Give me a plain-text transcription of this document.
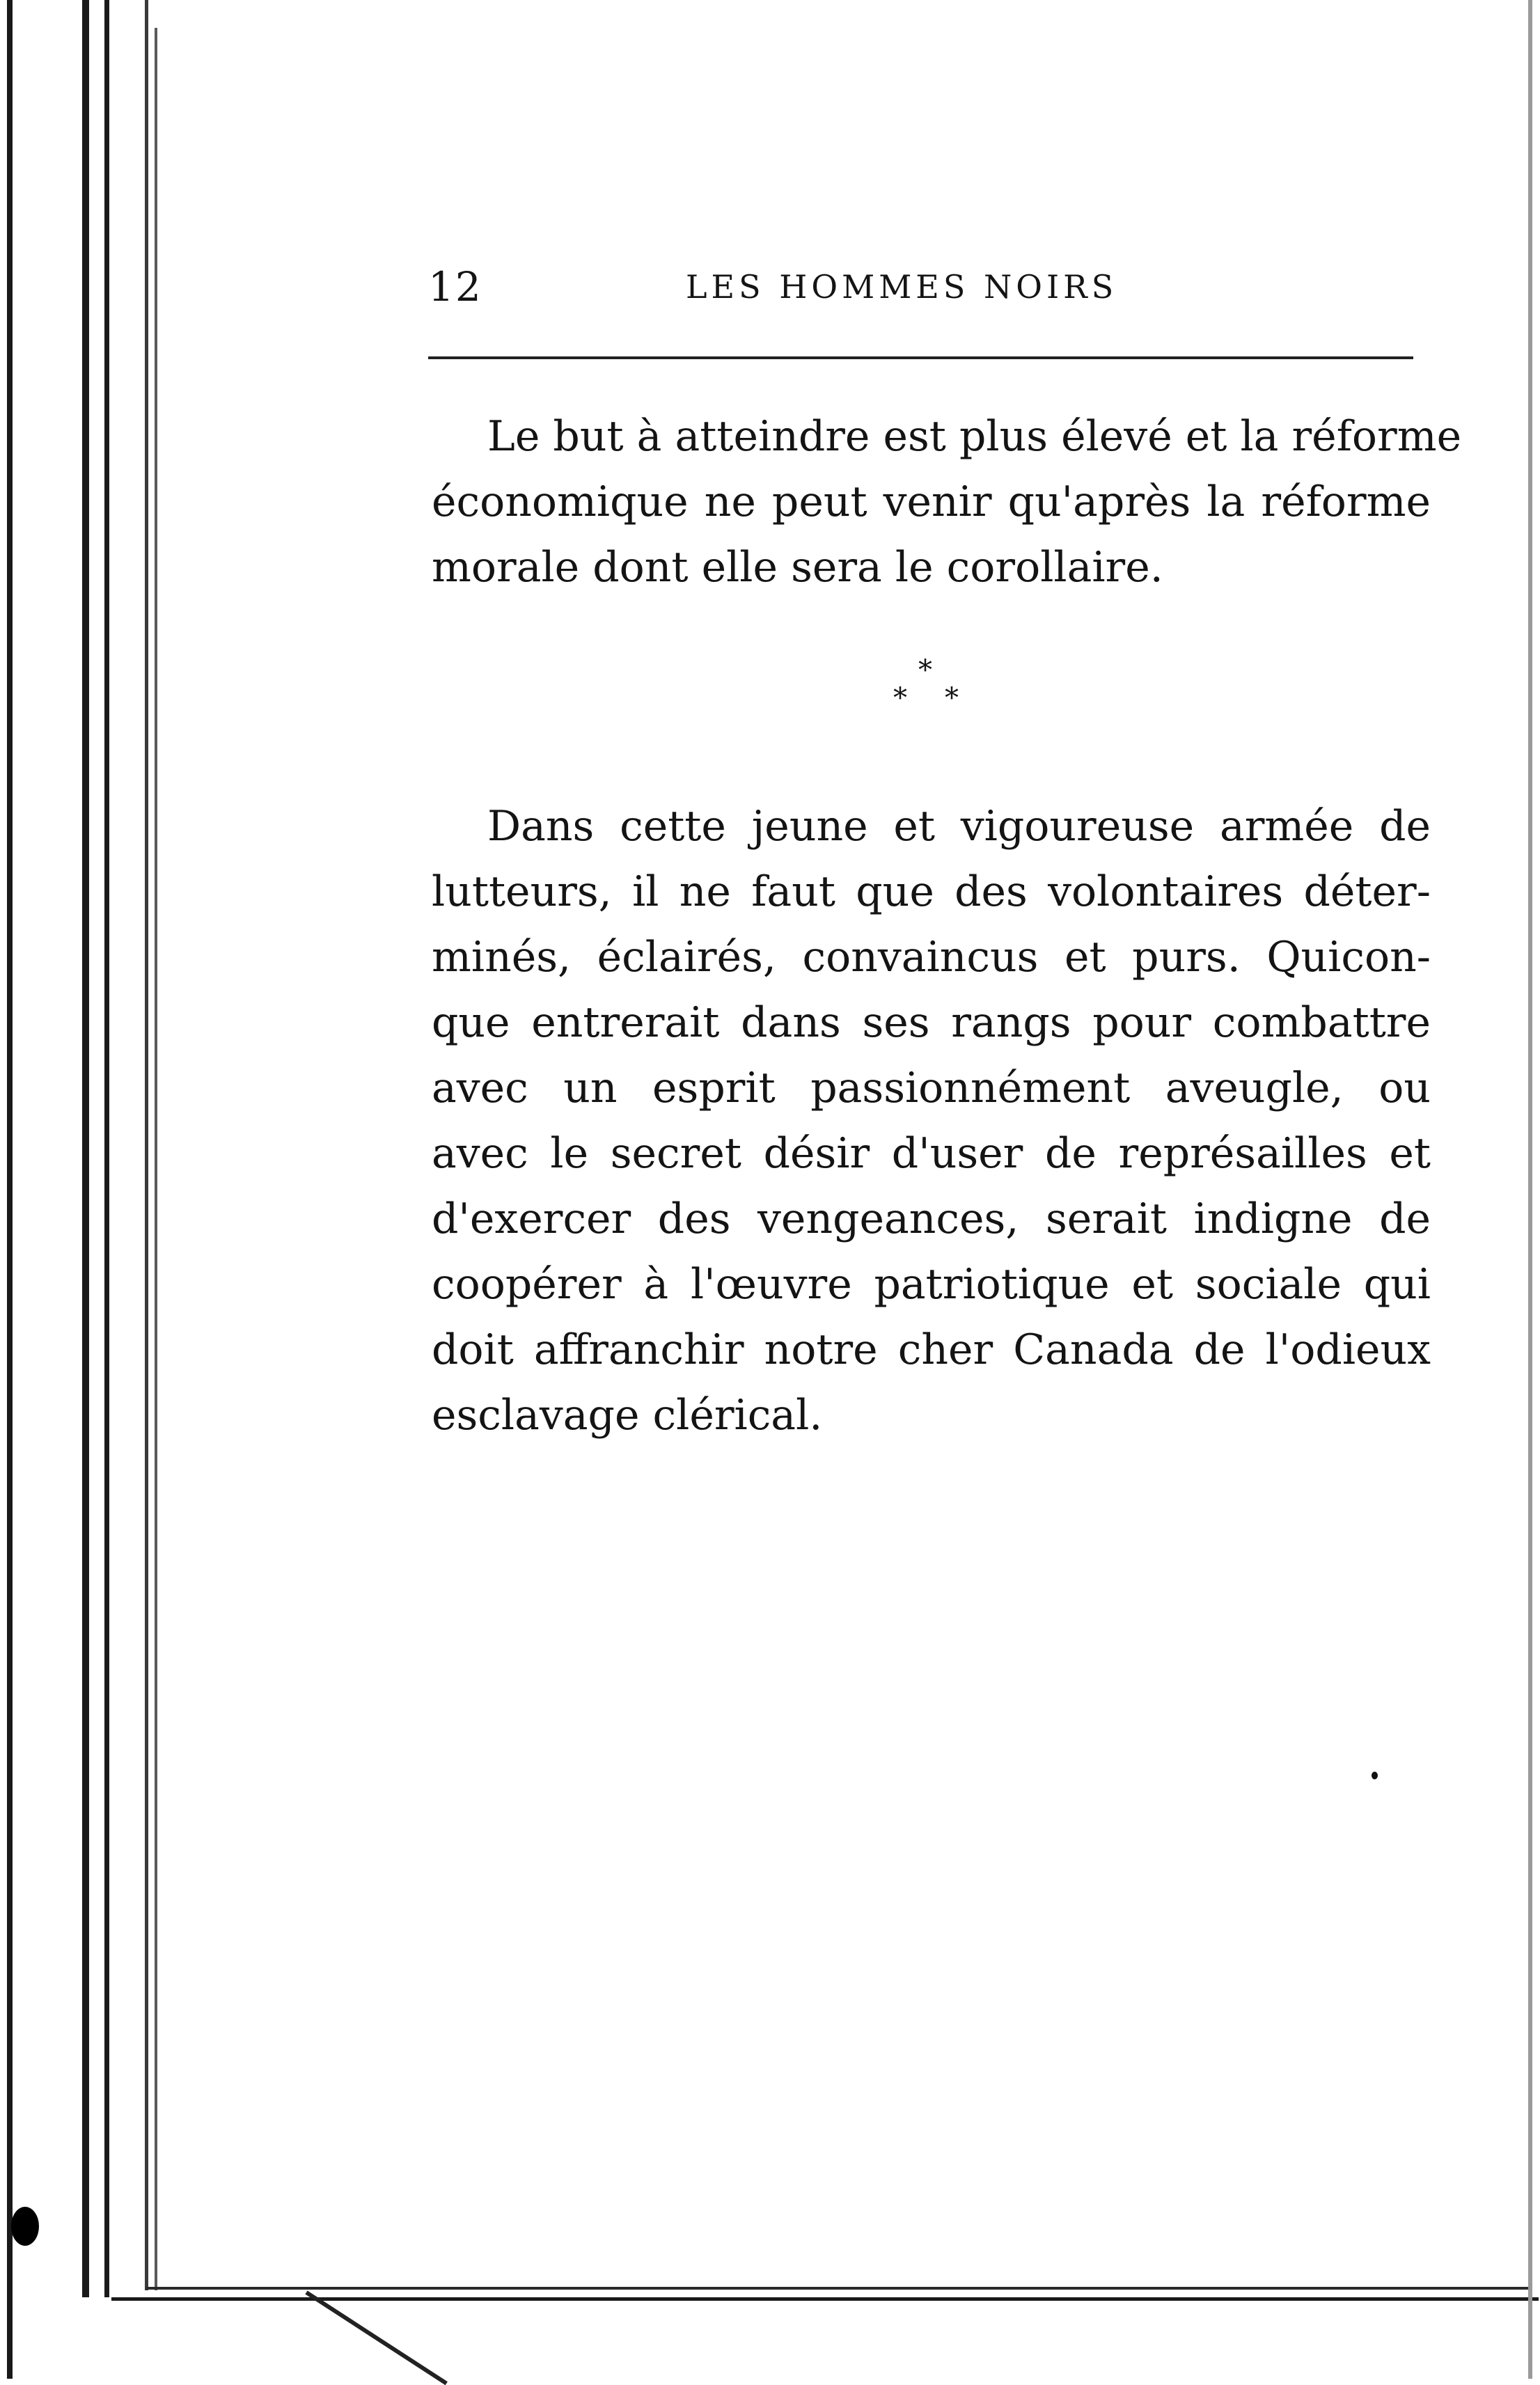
12	LES HOMMES NOIRS

Le but à atteindre est plus élevé et la réforme
économique ne peut venir qu'après la réforme
morale dont elle sera le corollaire.

*
* *

Dans cette jeune et vigoureuse armée de
lutteurs, il ne faut que des volontaires déter-
minés, éclairés, convaincus et purs. Quicon-
que entrerait dans ses rangs pour combattre
avec un esprit passionnément aveugle, ou
avec le secret désir d'user de représailles et
d'exercer des vengeances, serait indigne de
coopérer à l'œuvre patriotique et sociale qui
doit affranchir notre cher Canada de l'odieux
esclavage clérical.
